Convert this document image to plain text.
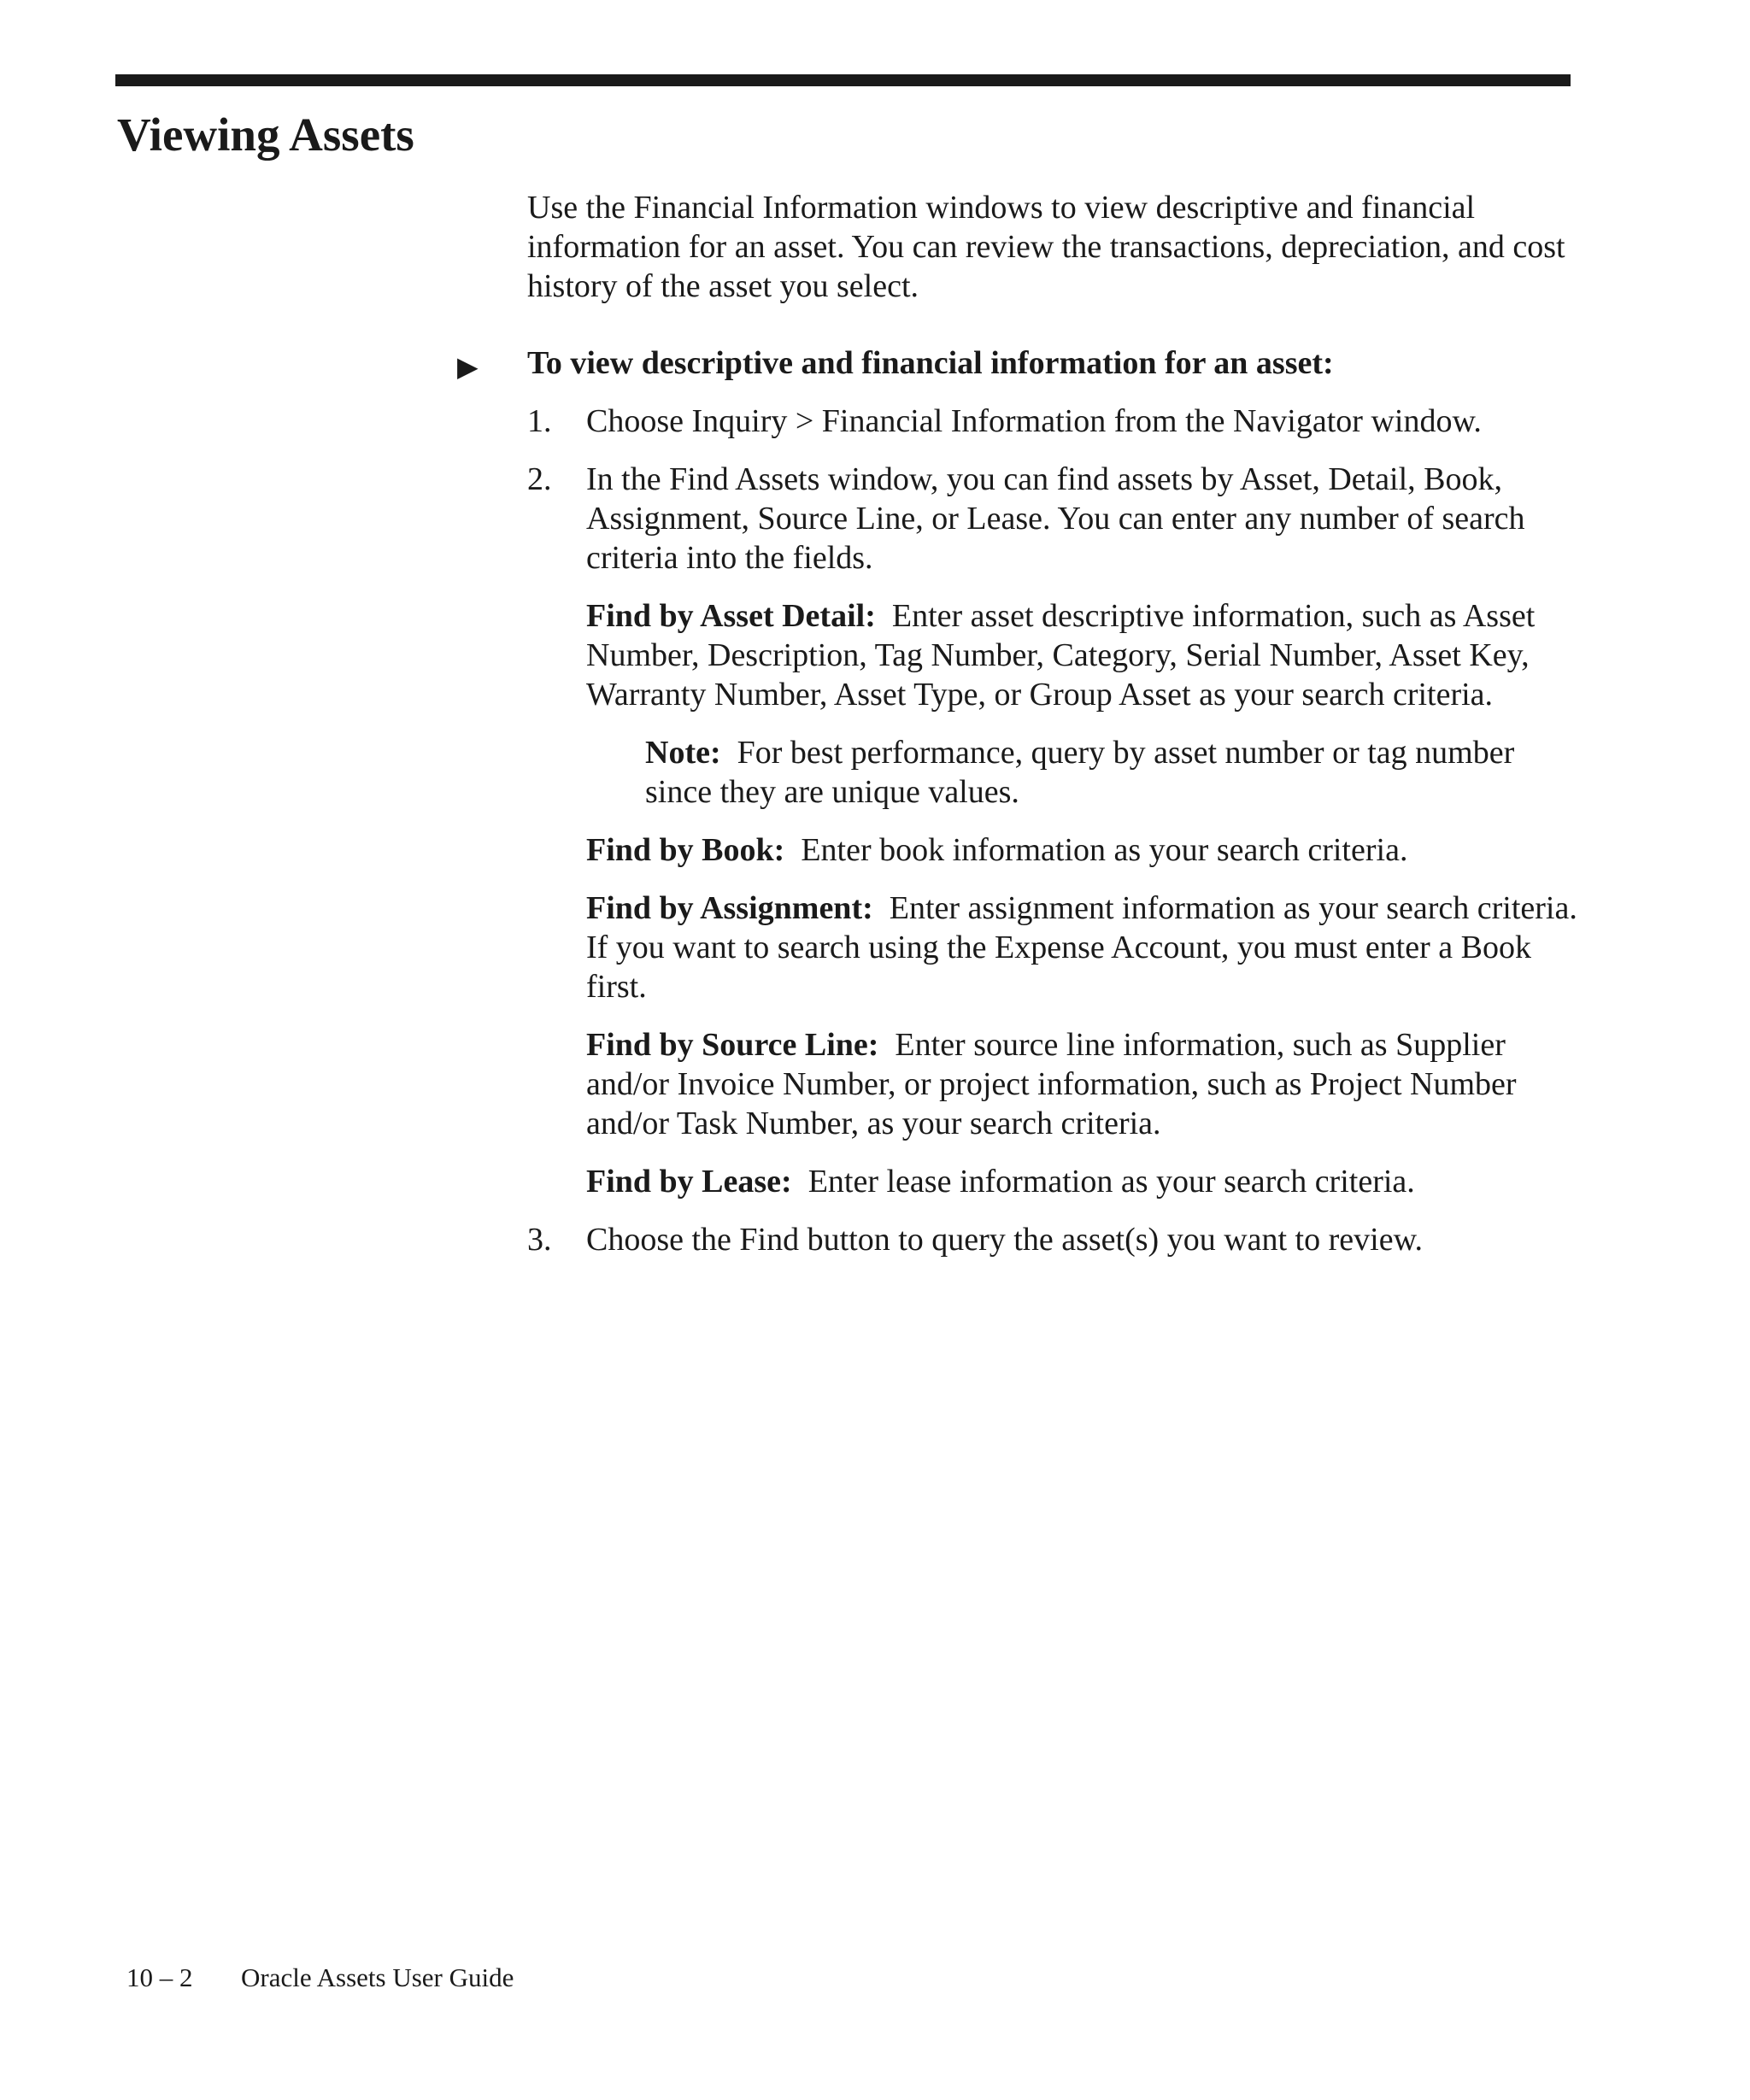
Viewing Assets

Use the Financial Information windows to view descriptive and financial information for an asset. You can review the transactions, depreciation, and cost history of the asset you select.

▶ To view descriptive and financial information for an asset:

1. Choose Inquiry > Financial Information from the Navigator window.

2. In the Find Assets window, you can find assets by Asset, Detail, Book, Assignment, Source Line, or Lease. You can enter any number of search criteria into the fields.

Find by Asset Detail:  Enter asset descriptive information, such as Asset Number, Description, Tag Number, Category, Serial Number, Asset Key, Warranty Number, Asset Type, or Group Asset as your search criteria.

Note:  For best performance, query by asset number or tag number since they are unique values.

Find by Book:  Enter book information as your search criteria.

Find by Assignment:  Enter assignment information as your search criteria.  If you want to search using the Expense Account, you must enter a Book first.

Find by Source Line:  Enter source line information, such as Supplier and/or Invoice Number, or project information, such as Project Number and/or Task Number, as your search criteria.

Find by Lease:  Enter lease information as your search criteria.

3. Choose the Find button to query the asset(s) you want to review.

10 – 2 Oracle Assets User Guide
